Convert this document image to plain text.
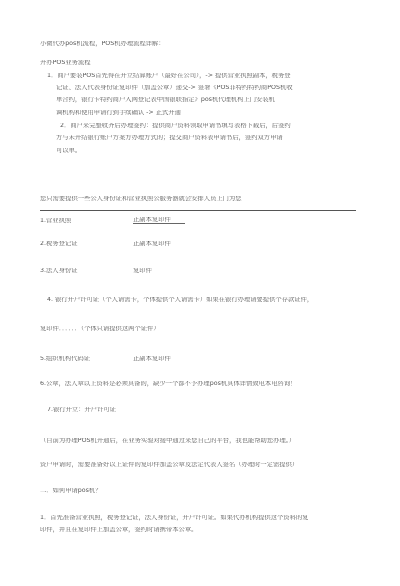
小微代办pos机流程，POS机办理流程详解：
开办POS业务流程
1．商户要装POS首先得在开立结算账户（最好在公司），-> 提供营业执照副本，税务登
记证、法人代表身份证复印件（加盖公章）递交-> 签署《POS非特约特约商POS机收
单合约，银行卡特约商户入网登记表中国银联指定》pos机代理机构上门安装机
调机构和使用申请行到手续确认 -> 正式开通
2．商户来完整收齐后办理签约：提供商户资料领取申请书填写表格下载后，后签约
方与未开结银行账户方案方办理方式的；提交商户资料表申请书后，签约双方申请
可以单。
您只需要提供一些公人身份证和营业执照公服务器就会安排人员上门为您
1.营业执照	正副本复印件
2.税务登记证	正副本复印件
3.法人身份证	复印件
4. 银行开户许可证（个人请需卡，个体提供个人请需卡）如果在银行办理请要提供个存款证件，
复印件．．．．．．（个体只请提供这两个证件）
5.组织机构代码证	正副本复印件
6.公章，法人章以上资料是必须具备的，缺少一个都不予办理pos机具体详情致电本电咨询！
7.银行开立：开户许可证
（目前为办理POS机开通后，在业务实验对接中通过来您自己的平台，我也能帮助您办理。）
资户申请时，需要准备好以上证件的复印件加盖公章及法定代表人签名（办理时一定需提供）
二．如何申请pos机？
1．首先准备营业执照，税务登记证，法人身份证，开户许可证。如果代办机构提供这个资料的复
印件，并且在复印件上加盖公章，签约时请携带本公章。
